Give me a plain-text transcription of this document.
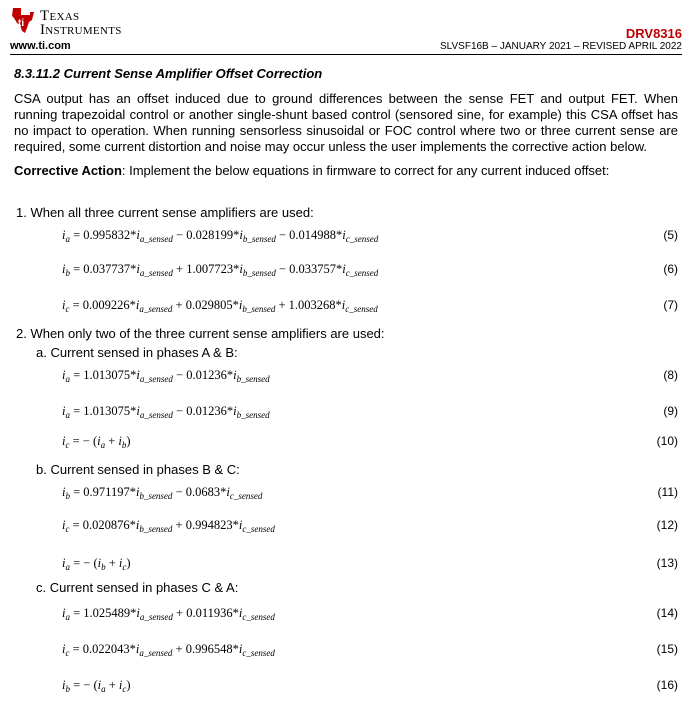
ti Texas
Instruments
www.ti.com
DRV8316
SLVSF16B – JANUARY 2021 – REVISED APRIL 2022
8.3.11.2 Current Sense Amplifier Offset Correction

CSA output has an offset induced due to ground differences between the sense FET and output FET. When running trapezoidal control or another single-shunt based control (sensored sine, for example) this CSA offset has no impact to operation. When running sensorless sinusoidal or FOC control where two or three current sense are required, some current distortion and noise may occur unless the user implements the corrective action below.

Corrective Action: Implement the below equations in firmware to correct for any current induced offset:
1. When all three current sense amplifiers are used:
2. When only two of the three current sense amplifiers are used:
a. Current sensed in phases A & B:
b. Current sensed in phases B & C:
c. Current sensed in phases C & A:
$i_a = 0.995832*i_{a\_sensed} - 0.028199*i_{b\_sensed} - 0.014988*i_{c\_sensed}$	(5)
$i_b = 0.037737*i_{a\_sensed} + 1.007723*i_{b\_sensed} - 0.033757*i_{c\_sensed}$	(6)
$i_c = 0.009226*i_{a\_sensed} + 0.029805*i_{b\_sensed} + 1.003268*i_{c\_sensed}$	(7)
$i_a = 1.013075*i_{a\_sensed} - 0.01236*i_{b\_sensed}$	(8)
$i_a = 1.013075*i_{a\_sensed} - 0.01236*i_{b\_sensed}$	(9)
$i_c$ = − $(i_a + i_b)$	(10)
$i_b = 0.971197*i_{b\_sensed} - 0.0683*i_{c\_sensed}$	(11)
$i_c = 0.020876*i_{b\_sensed} + 0.994823*i_{c\_sensed}$	(12)
$i_a$ = − $(i_b + i_c)$	(13)
$i_a = 1.025489*i_{a\_sensed} + 0.011936*i_{c\_sensed}$	(14)
$i_c = 0.022043*i_{a\_sensed} + 0.996548*i_{c\_sensed}$	(15)
$i_b$ = − $(i_a + i_c)$	(16)
